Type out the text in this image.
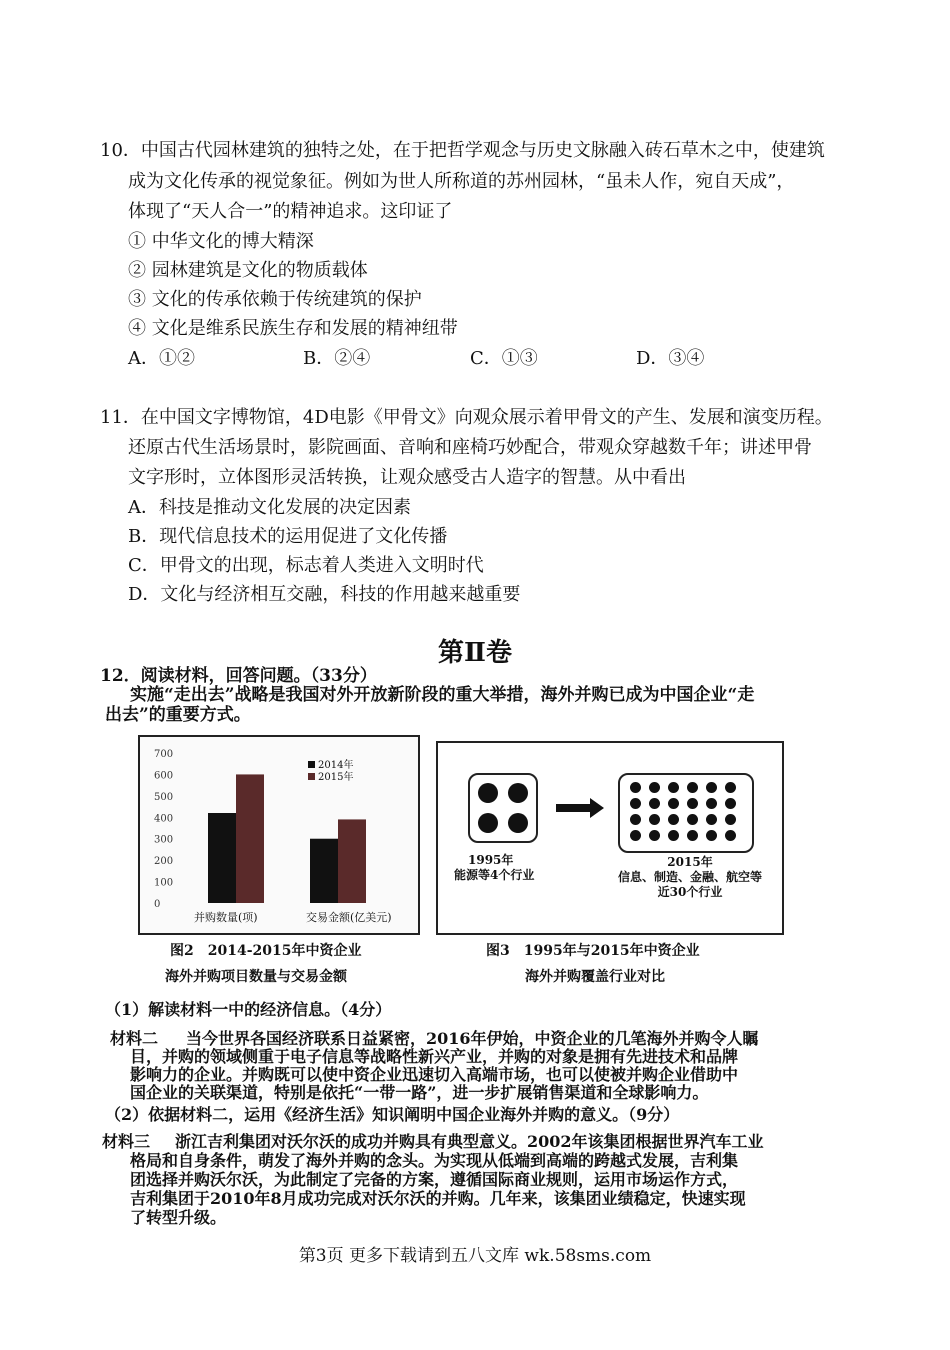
10．中国古代园林建筑的独特之处，在于把哲学观念与历史文脉融入砖石草木之中，使建筑
成为文化传承的视觉象征。例如为世人所称道的苏州园林，“虽未人作，宛自天成”，
体现了“天人合一”的精神追求。这印证了
① 中华文化的博大精深
② 园林建筑是文化的物质载体
③ 文化的传承依赖于传统建筑的保护
④ 文化是维系民族生存和发展的精神纽带
A．①②	B．②④	C．①③	D．③④
11．在中国文字博物馆，4D电影《甲骨文》向观众展示着甲骨文的产生、发展和演变历程。
还原古代生活场景时，影院画面、音响和座椅巧妙配合，带观众穿越数千年；讲述甲骨
文字形时，立体图形灵活转换，让观众感受古人造字的智慧。从中看出
A．科技是推动文化发展的决定因素
B．现代信息技术的运用促进了文化传播
C．甲骨文的出现，标志着人类进入文明时代
D．文化与经济相互交融，科技的作用越来越重要
第Ⅱ卷
12．阅读材料，回答问题。（33分）
实施“走出去”战略是我国对外开放新阶段的重大举措，海外并购已成为中国企业“走
出去”的重要方式。
700
600
500
400
300
200
100
0
并购数量(项)	交易金额(亿美元)
2014年
2015年
图2　2014-2015年中资企业
海外并购项目数量与交易金额
1995年
能源等4个行业
2015年
信息、制造、金融、航空等
近30个行业
图3　1995年与2015年中资企业
海外并购覆盖行业对比
（1）解读材料一中的经济信息。（4分）
材料二 当今世界各国经济联系日益紧密，2016年伊始，中资企业的几笔海外并购令人瞩
目，并购的领域侧重于电子信息等战略性新兴产业，并购的对象是拥有先进技术和品牌
影响力的企业。并购既可以使中资企业迅速切入高端市场，也可以使被并购企业借助中
国企业的关联渠道，特别是依托“一带一路”，进一步扩展销售渠道和全球影响力。
（2）依据材料二，运用《经济生活》知识阐明中国企业海外并购的意义。（9分）
材料三 浙江吉利集团对沃尔沃的成功并购具有典型意义。2002年该集团根据世界汽车工业
格局和自身条件，萌发了海外并购的念头。为实现从低端到高端的跨越式发展，吉利集
团选择并购沃尔沃，为此制定了完备的方案，遵循国际商业规则，运用市场运作方式，
吉利集团于2010年8月成功完成对沃尔沃的并购。几年来，该集团业绩稳定，快速实现
了转型升级。
第3页 更多下载请到五八文库 wk.58sms.com
